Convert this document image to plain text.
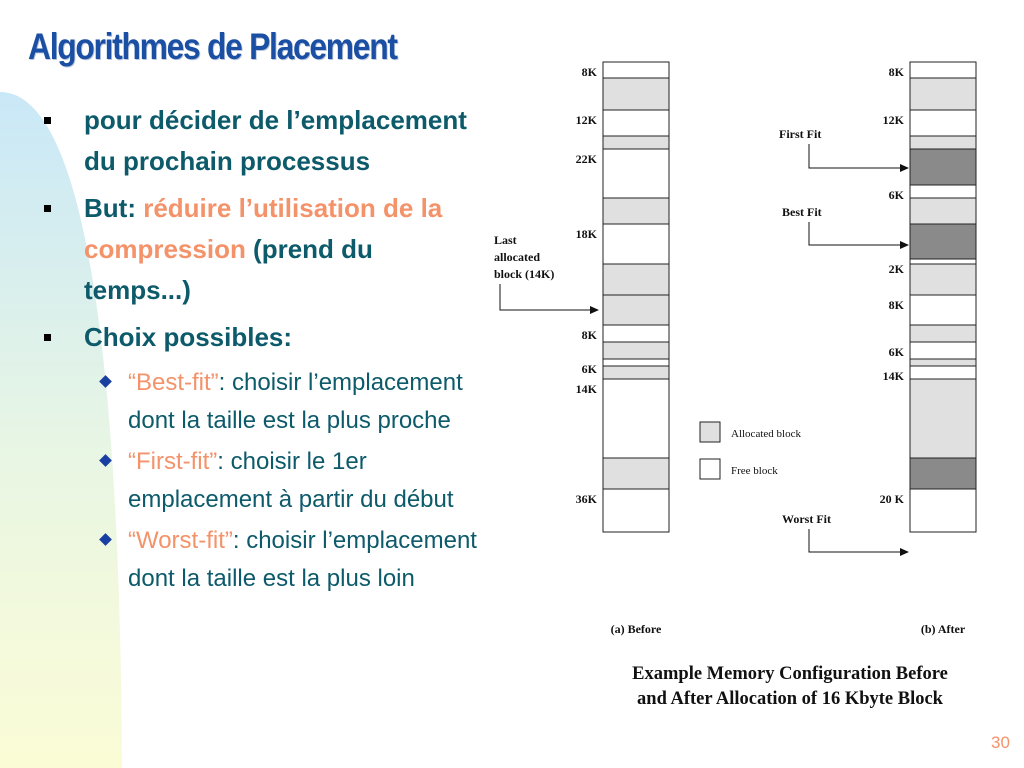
Algorithmes de Placement
pour décider de l’emplacement du prochain processus
But: réduire l’utilisation de la compression (prend du temps...)
Choix possibles:
“Best-fit”: choisir l’emplacement dont la taille est la plus proche
“First-fit”: choisir le 1er emplacement à partir du début
“Worst-fit”: choisir l’emplacement dont la taille est la plus loin
8K
12K
22K
18K
8K
6K
14K
36K
8K
12K
6K
2K
8K
6K
14K
20 K
(a) Before	(b) After
Last
allocated
block (14K)
First Fit
Best Fit
Worst Fit
Allocated block
Free block
Example Memory Configuration Before
and After Allocation of 16 Kbyte Block
30
